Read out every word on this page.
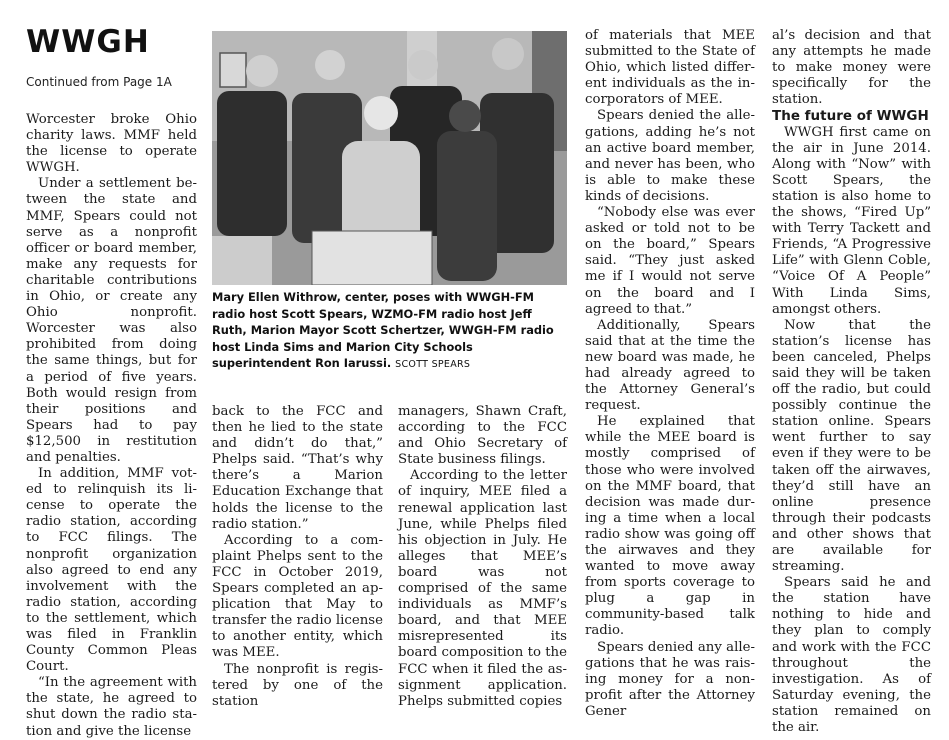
WWGH
Continued from Page 1A

Worcester broke Ohio charity laws. MMF held the license to operate WWGH.

Under a settlement between the state and MMF, Spears could not serve as a nonprofit officer or board member, make any requests for charitable contributions in Ohio, or create any Ohio nonprofit. Worcester was also prohibited from doing the same things, but for a period of five years. Both would resign from their positions and Spears had to pay $12,500 in restitution and penalties.

In addition, MMF voted to relinquish its license to operate the radio station, according to FCC filings. The nonprofit organization also agreed to end any involvement with the radio station, according to the settlement, which was filed in Franklin County Common Pleas Court.

“In the agreement with the state, he agreed to shut down the radio station and give the license

Mary Ellen Withrow, center, poses with WWGH-FM radio host Scott Spears, WZMO-FM radio host Jeff Ruth, Marion Mayor Scott Schertzer, WWGH-FM radio host Linda Sims and Marion City Schools superintendent Ron Iarussi. SCOTT SPEARS

back to the FCC and then he lied to the state and didn’t do that,” Phelps said. “That’s why there’s a Marion Education Exchange that holds the license to the radio station.”

According to a complaint Phelps sent to the FCC in October 2019, Spears completed an application that May to transfer the radio license to another entity, which was MEE.

The nonprofit is registered by one of the station

managers, Shawn Craft, according to the FCC and Ohio Secretary of State business filings.

According to the letter of inquiry, MEE filed a renewal application last June, while Phelps filed his objection in July. He alleges that MEE’s board was not comprised of the same individuals as MMF’s board, and that MEE misrepresented its board composition to the FCC when it filed the assignment application. Phelps submitted copies

of materials that MEE submitted to the State of Ohio, which listed different individuals as the incorporators of MEE.

Spears denied the allegations, adding he’s not an active board member, and never has been, who is able to make these kinds of decisions.

“Nobody else was ever asked or told not to be on the board,” Spears said. “They just asked me if I would not serve on the board and I agreed to that.”

Additionally, Spears said that at the time the new board was made, he had already agreed to the Attorney General’s request.

He explained that while the MEE board is mostly comprised of those who were involved on the MMF board, that decision was made during a time when a local radio show was going off the airwaves and they wanted to move away from sports coverage to plug a gap in community-based talk radio.

Spears denied any allegations that he was raising money for a non-profit after the Attorney Gener

al’s decision and that any attempts he made to make money were specifically for the station.

The future of WWGH

WWGH first came on the air in June 2014. Along with “Now” with Scott Spears, the station is also home to the shows, “Fired Up” with Terry Tackett and Friends, “A Progressive Life” with Glenn Coble, “Voice Of A People” With Linda Sims, amongst others.

Now that the station’s license has been canceled, Phelps said they will be taken off the radio, but could possibly continue the station online. Spears went further to say even if they were to be taken off the airwaves, they’d still have an online presence through their podcasts and other shows that are available for streaming.

Spears said he and the station have nothing to hide and they plan to comply and work with the FCC throughout the investigation. As of Saturday evening, the station remained on the air.
